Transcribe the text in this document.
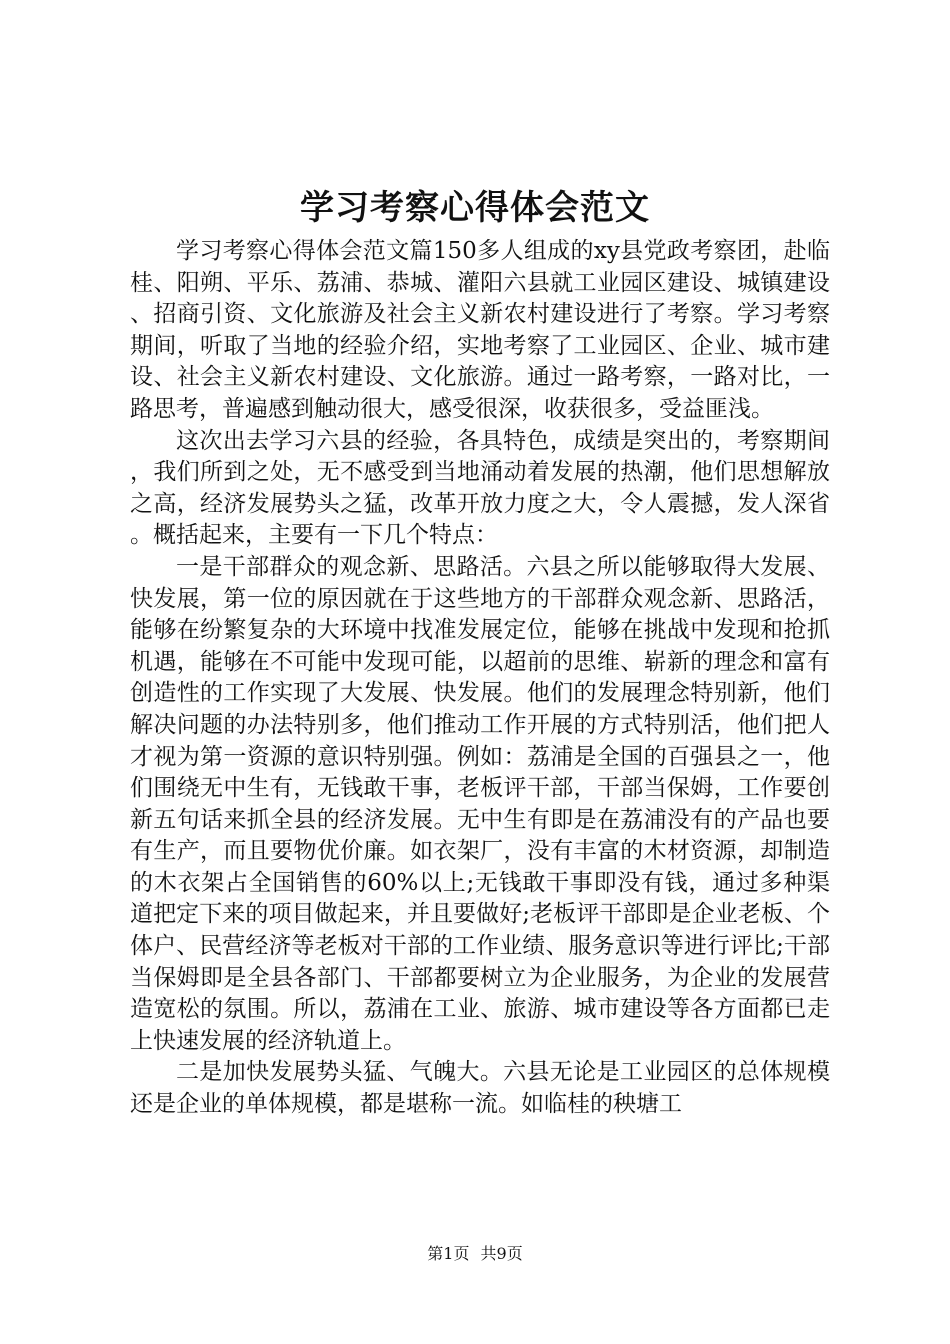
学习考察心得体会范文

学习考察心得体会范文篇150多人组成的xy县党政考察团，赴临桂、阳朔、平乐、荔浦、恭城、灌阳六县就工业园区建设、城镇建设、招商引资、文化旅游及社会主义新农村建设进行了考察。学习考察期间，听取了当地的经验介绍，实地考察了工业园区、企业、城市建设、社会主义新农村建设、文化旅游。通过一路考察，一路对比，一路思考，普遍感到触动很大，感受很深，收获很多，受益匪浅。

这次出去学习六县的经验，各具特色，成绩是突出的，考察期间，我们所到之处，无不感受到当地涌动着发展的热潮，他们思想解放之高，经济发展势头之猛，改革开放力度之大，令人震撼，发人深省。概括起来，主要有一下几个特点：

一是干部群众的观念新、思路活。六县之所以能够取得大发展、快发展，第一位的原因就在于这些地方的干部群众观念新、思路活，能够在纷繁复杂的大环境中找准发展定位，能够在挑战中发现和抢抓机遇，能够在不可能中发现可能，以超前的思维、崭新的理念和富有创造性的工作实现了大发展、快发展。他们的发展理念特别新，他们解决问题的办法特别多，他们推动工作开展的方式特别活，他们把人才视为第一资源的意识特别强。例如：荔浦是全国的百强县之一，他们围绕无中生有，无钱敢干事，老板评干部，干部当保姆，工作要创新五句话来抓全县的经济发展。无中生有即是在荔浦没有的产品也要有生产，而且要物优价廉。如衣架厂，没有丰富的木材资源，却制造的木衣架占全国销售的60%以上;无钱敢干事即没有钱，通过多种渠道把定下来的项目做起来，并且要做好;老板评干部即是企业老板、个体户、民营经济等老板对干部的工作业绩、服务意识等进行评比;干部当保姆即是全县各部门、干部都要树立为企业服务，为企业的发展营造宽松的氛围。所以，荔浦在工业、旅游、城市建设等各方面都已走上快速发展的经济轨道上。

二是加快发展势头猛、气魄大。六县无论是工业园区的总体规模还是企业的单体规模，都是堪称一流。如临桂的秧塘工

第1页 共9页
